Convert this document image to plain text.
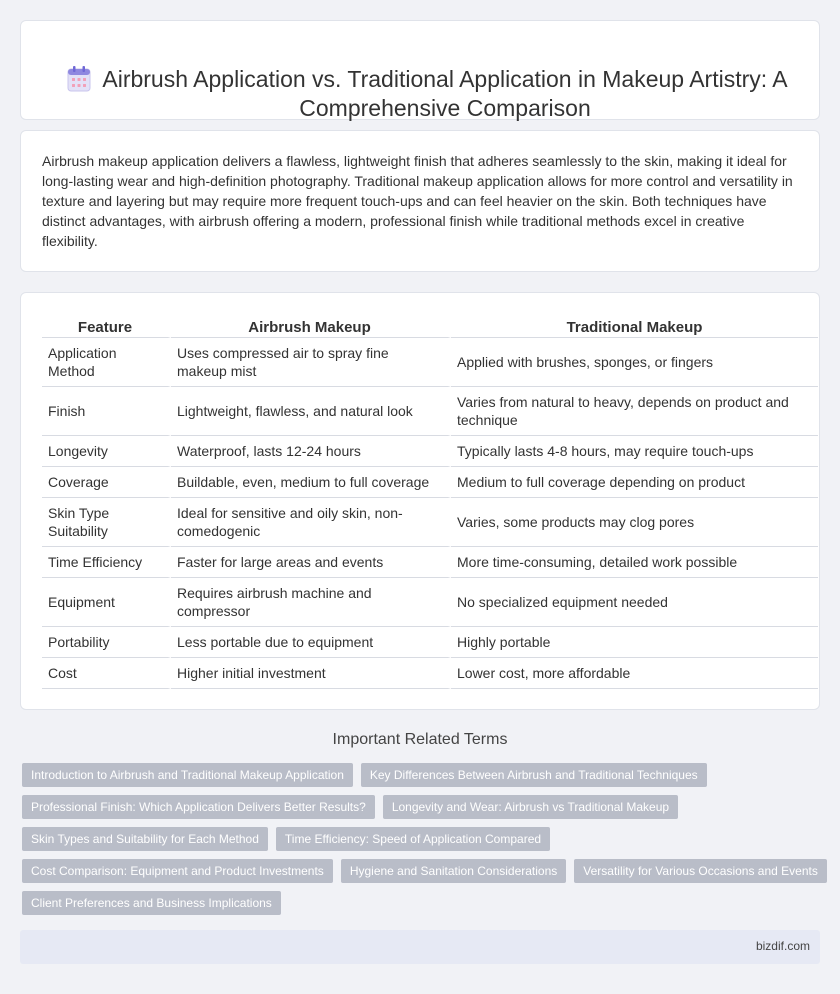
Airbrush Application vs. Traditional Application in Makeup Artistry: A Comprehensive Comparison

Airbrush makeup application delivers a flawless, lightweight finish that adheres seamlessly to the skin, making it ideal for long-lasting wear and high-definition photography. Traditional makeup application allows for more control and versatility in texture and layering but may require more frequent touch-ups and can feel heavier on the skin. Both techniques have distinct advantages, with airbrush offering a modern, professional finish while traditional methods excel in creative flexibility.

Feature	Airbrush Makeup	Traditional Makeup
Application Method	Uses compressed air to spray fine makeup mist	Applied with brushes, sponges, or fingers
Finish	Lightweight, flawless, and natural look	Varies from natural to heavy, depends on product and technique
Longevity	Waterproof, lasts 12-24 hours	Typically lasts 4-8 hours, may require touch-ups
Coverage	Buildable, even, medium to full coverage	Medium to full coverage depending on product
Skin Type Suitability	Ideal for sensitive and oily skin, non-comedogenic	Varies, some products may clog pores
Time Efficiency	Faster for large areas and events	More time-consuming, detailed work possible
Equipment	Requires airbrush machine and compressor	No specialized equipment needed
Portability	Less portable due to equipment	Highly portable
Cost	Higher initial investment	Lower cost, more affordable
Important Related Terms
Introduction to Airbrush and Traditional Makeup Application	Key Differences Between Airbrush and Traditional Techniques
Professional Finish: Which Application Delivers Better Results?	Longevity and Wear: Airbrush vs Traditional Makeup
Skin Types and Suitability for Each Method	Time Efficiency: Speed of Application Compared
Cost Comparison: Equipment and Product Investments	Hygiene and Sanitation Considerations	Versatility for Various Occasions and Events
Client Preferences and Business Implications
bizdif.com
